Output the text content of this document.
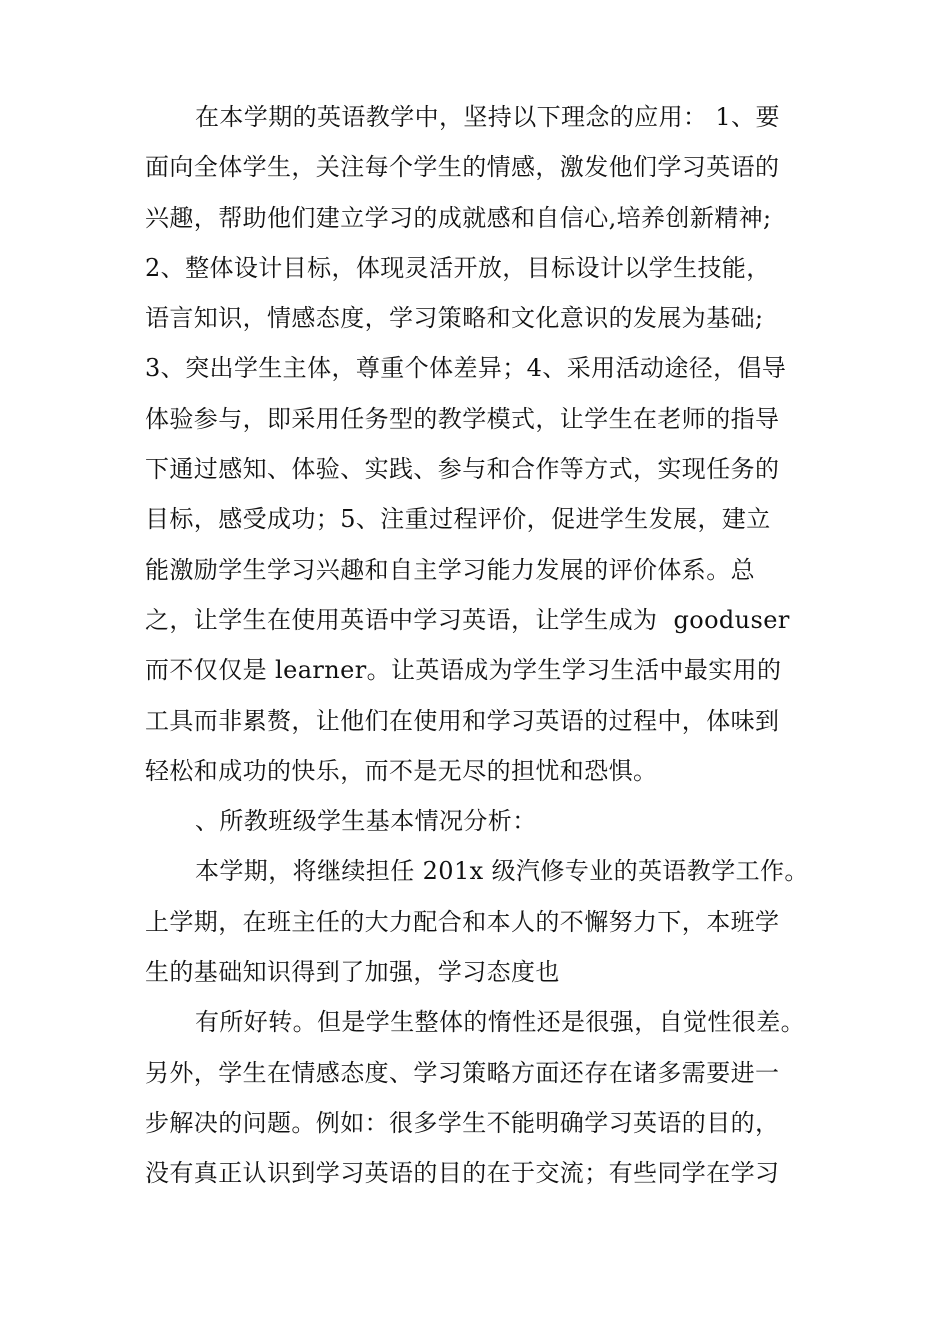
在本学期的英语教学中，坚持以下理念的应用： 1、要
面向全体学生，关注每个学生的情感，激发他们学习英语的
兴趣，帮助他们建立学习的成就感和自信心,培养创新精神;
2、整体设计目标，体现灵活开放，目标设计以学生技能，
语言知识，情感态度，学习策略和文化意识的发展为基础;
3、突出学生主体，尊重个体差异；4、采用活动途径，倡导
体验参与，即采用任务型的教学模式，让学生在老师的指导
下通过感知、体验、实践、参与和合作等方式，实现任务的
目标，感受成功；5、注重过程评价，促进学生发展，建立
能激励学生学习兴趣和自主学习能力发展的评价体系。总
之，让学生在使用英语中学习英语，让学生成为  gooduser
而不仅仅是 learner。让英语成为学生学习生活中最实用的
工具而非累赘，让他们在使用和学习英语的过程中，体味到
轻松和成功的快乐，而不是无尽的担忧和恐惧。
、所教班级学生基本情况分析：
本学期，将继续担任 201x 级汽修专业的英语教学工作。
上学期，在班主任的大力配合和本人的不懈努力下，本班学
生的基础知识得到了加强，学习态度也
有所好转。但是学生整体的惰性还是很强，自觉性很差。
另外，学生在情感态度、学习策略方面还存在诸多需要进一
步解决的问题。例如：很多学生不能明确学习英语的目的，
没有真正认识到学习英语的目的在于交流；有些同学在学习
